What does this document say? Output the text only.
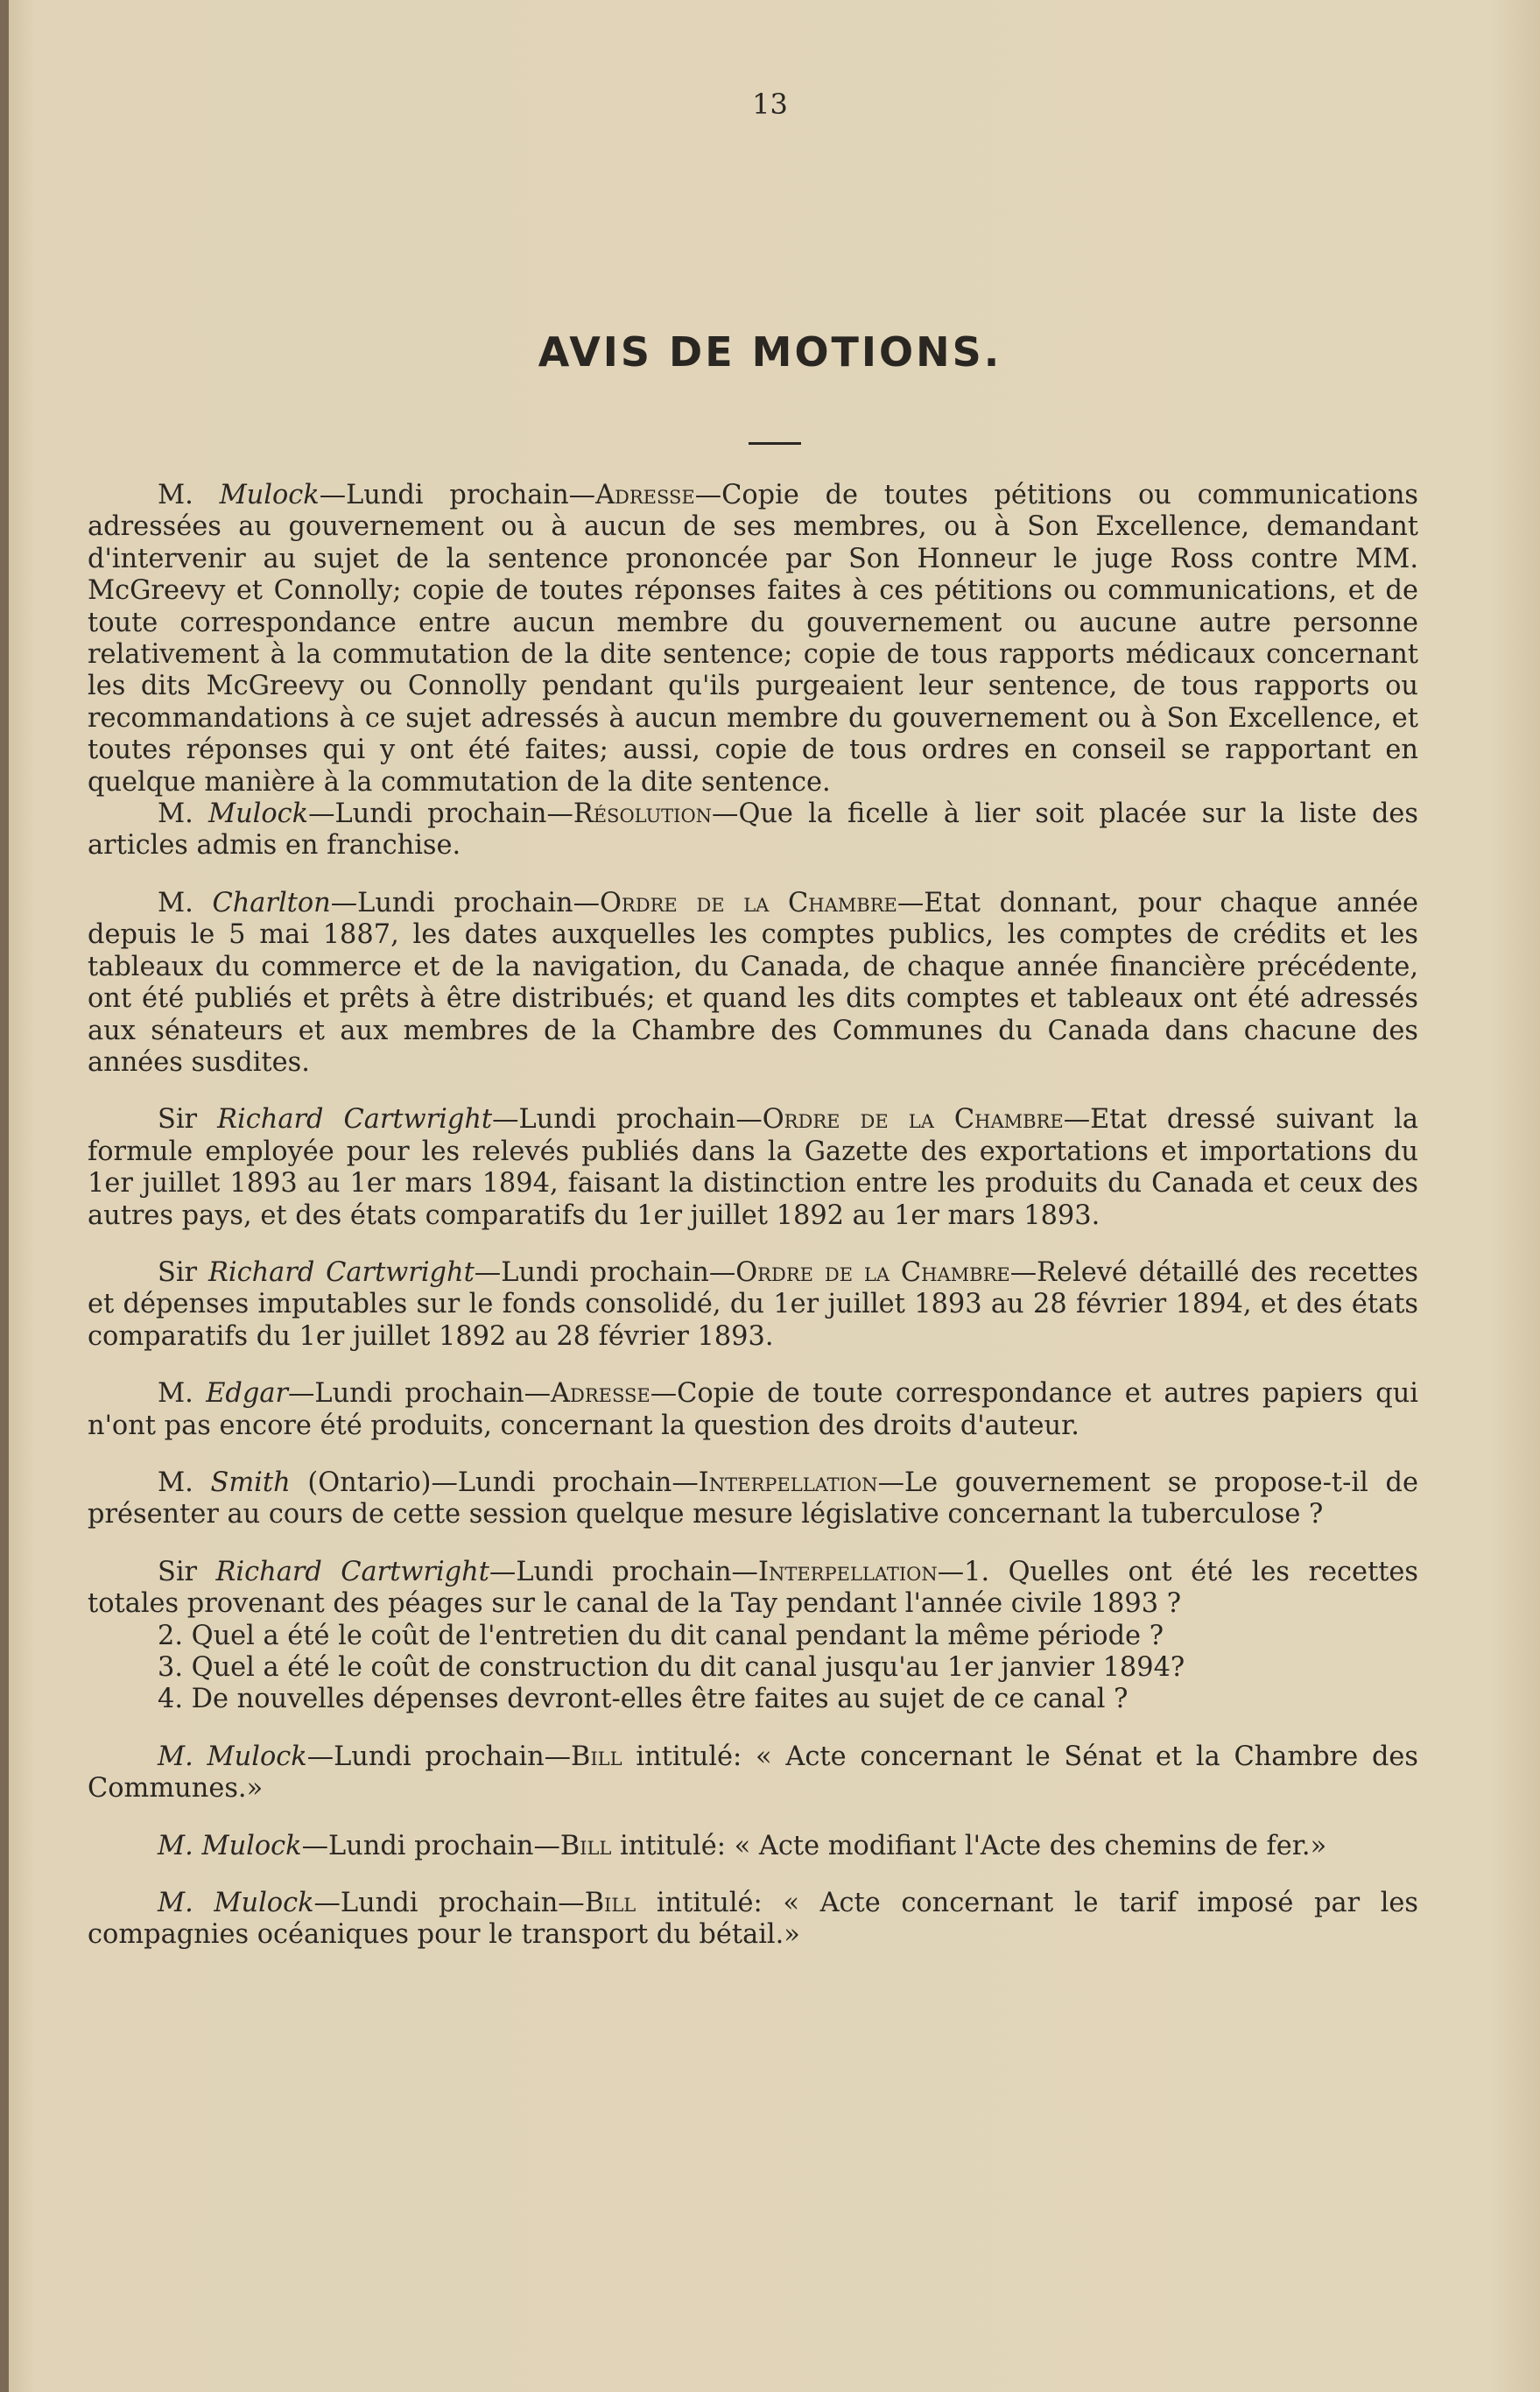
13
AVIS DE MOTIONS.

M. Mulock—Lundi prochain—Adresse—Copie de toutes pétitions ou communications adressées au gouvernement ou à aucun de ses membres, ou à Son Excellence, demandant d'intervenir au sujet de la sentence prononcée par Son Honneur le juge Ross contre MM. McGreevy et Connolly; copie de toutes réponses faites à ces pétitions ou communications, et de toute correspondance entre aucun membre du gouvernement ou aucune autre personne relativement à la commutation de la dite sentence; copie de tous rapports médicaux concernant les dits McGreevy ou Connolly pendant qu'ils purgeaient leur sentence, de tous rapports ou recommandations à ce sujet adressés à aucun membre du gouvernement ou à Son Excellence, et toutes réponses qui y ont été faites; aussi, copie de tous ordres en conseil se rapportant en quelque manière à la commutation de la dite sentence.

M. Mulock—Lundi prochain—Résolution—Que la ficelle à lier soit placée sur la liste des articles admis en franchise.

M. Charlton—Lundi prochain—Ordre de la Chambre—Etat donnant, pour chaque année depuis le 5 mai 1887, les dates auxquelles les comptes publics, les comptes de crédits et les tableaux du commerce et de la navigation, du Canada, de chaque année financière précédente, ont été publiés et prêts à être distribués; et quand les dits comptes et tableaux ont été adressés aux sénateurs et aux membres de la Chambre des Communes du Canada dans chacune des années susdites.

Sir Richard Cartwright—Lundi prochain—Ordre de la Chambre—Etat dressé suivant la formule employée pour les relevés publiés dans la Gazette des exportations et importations du 1er juillet 1893 au 1er mars 1894, faisant la distinction entre les produits du Canada et ceux des autres pays, et des états comparatifs du 1er juillet 1892 au 1er mars 1893.

Sir Richard Cartwright—Lundi prochain—Ordre de la Chambre—Relevé détaillé des recettes et dépenses imputables sur le fonds consolidé, du 1er juillet 1893 au 28 février 1894, et des états comparatifs du 1er juillet 1892 au 28 février 1893.

M. Edgar—Lundi prochain—Adresse—Copie de toute correspondance et autres papiers qui n'ont pas encore été produits, concernant la question des droits d'auteur.

M. Smith (Ontario)—Lundi prochain—Interpellation—Le gouvernement se propose-t-il de présenter au cours de cette session quelque mesure législative concernant la tuberculose ?

Sir Richard Cartwright—Lundi prochain—Interpellation—1. Quelles ont été les recettes totales provenant des péages sur le canal de la Tay pendant l'année civile 1893 ?

2. Quel a été le coût de l'entretien du dit canal pendant la même période ?

3. Quel a été le coût de construction du dit canal jusqu'au 1er janvier 1894?

4. De nouvelles dépenses devront-elles être faites au sujet de ce canal ?

M. Mulock—Lundi prochain—Bill intitulé: « Acte concernant le Sénat et la Chambre des Communes.»

M. Mulock—Lundi prochain—Bill intitulé: « Acte modifiant l'Acte des chemins de fer.»

M. Mulock—Lundi prochain—Bill intitulé: « Acte concernant le tarif imposé par les compagnies océaniques pour le transport du bétail.»
